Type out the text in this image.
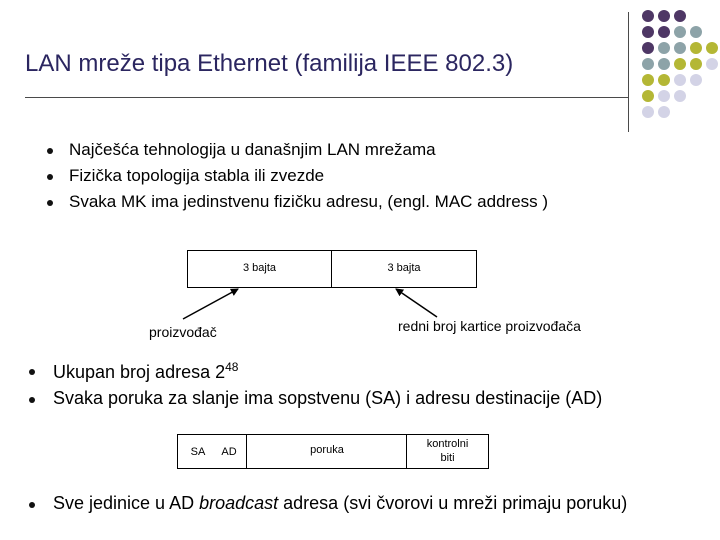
LAN mreže tipa Ethernet (familija IEEE 802.3)
Najčešća tehnologija u današnjim LAN mrežama
Fizička topologija stabla ili zvezde
Svaka MK ima jedinstvenu fizičku adresu, (engl. MAC address )
3 bajta	3 bajta
proizvođač	redni broj kartice proizvođača
Ukupan broj adresa $2^{48}$
Svaka poruka za slanje ima sopstvenu (SA) i adresu destinacije (AD)
SA	AD	poruka	kontrolni
biti
Sve jedinice u AD broadcast adresa (svi čvorovi u mreži primaju poruku)
